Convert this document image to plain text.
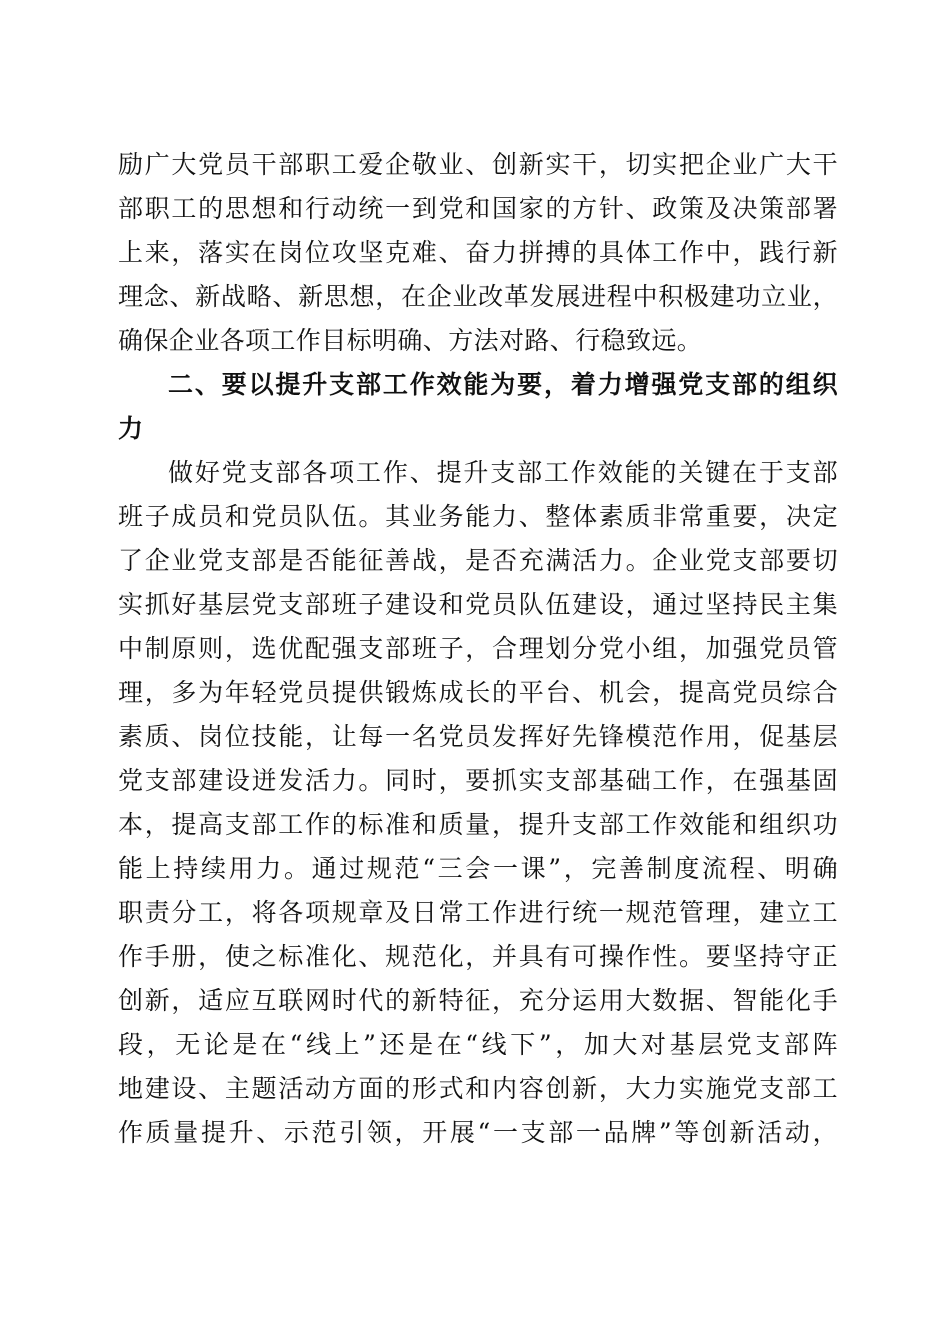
励广大党员干部职工爱企敬业、创新实干，切实把企业广大干
部职工的思想和行动统一到党和国家的方针、政策及决策部署
上来，落实在岗位攻坚克难、奋力拼搏的具体工作中，践行新
理念、新战略、新思想，在企业改革发展进程中积极建功立业，
确保企业各项工作目标明确、方法对路、行稳致远。
二、要以提升支部工作效能为要，着力增强党支部的组织
力
做好党支部各项工作、提升支部工作效能的关键在于支部
班子成员和党员队伍。其业务能力、整体素质非常重要，决定
了企业党支部是否能征善战，是否充满活力。企业党支部要切
实抓好基层党支部班子建设和党员队伍建设，通过坚持民主集
中制原则，选优配强支部班子，合理划分党小组，加强党员管
理，多为年轻党员提供锻炼成长的平台、机会，提高党员综合
素质、岗位技能，让每一名党员发挥好先锋模范作用，促基层
党支部建设迸发活力。同时，要抓实支部基础工作，在强基固
本，提高支部工作的标准和质量，提升支部工作效能和组织功
能上持续用力。通过规范“三会一课”，完善制度流程、明确
职责分工，将各项规章及日常工作进行统一规范管理，建立工
作手册，使之标准化、规范化，并具有可操作性。要坚持守正
创新，适应互联网时代的新特征，充分运用大数据、智能化手
段，无论是在“线上”还是在“线下”，加大对基层党支部阵
地建设、主题活动方面的形式和内容创新，大力实施党支部工
作质量提升、示范引领，开展“一支部一品牌”等创新活动，
